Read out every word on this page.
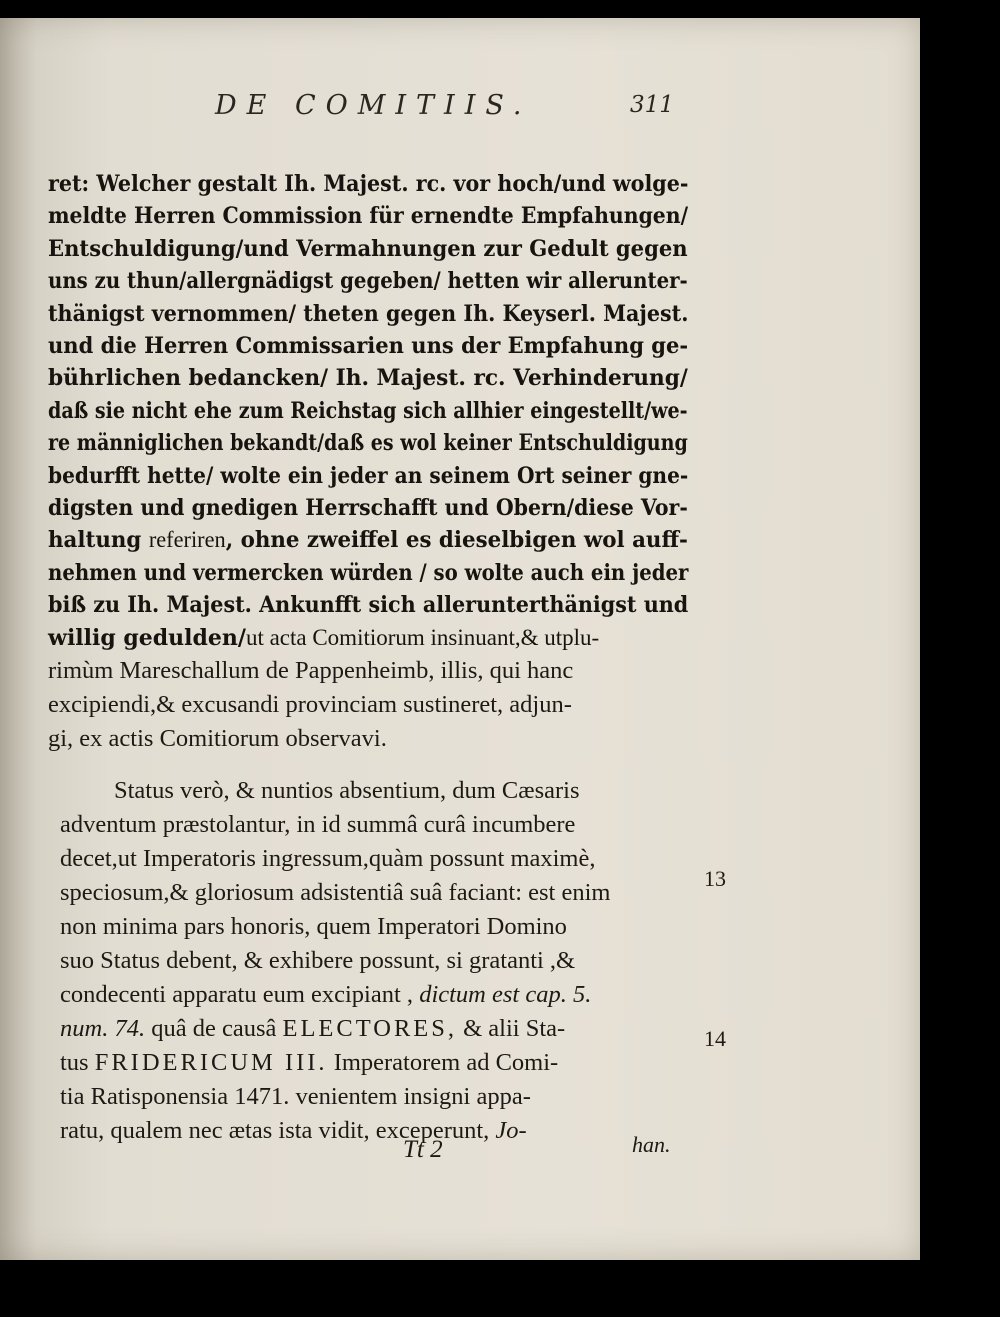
DE COMITIIS.	311
ret: Welcher gestalt Ih. Majest. rc. vor hoch/und wolge-
meldte Herren Commission für ernendte Empfahungen/
Entschuldigung/und Vermahnungen zur Gedult gegen
uns zu thun/allergnädigst gegeben/ hetten wir allerunter-
thänigst vernommen/ theten gegen Ih. Keyserl. Majest.
und die Herren Commissarien uns der Empfahung ge-
bührlichen bedancken/ Ih. Majest. rc. Verhinderung/
daß sie nicht ehe zum Reichstag sich allhier eingestellt/we-
re männiglichen bekandt/daß es wol keiner Entschuldigung
bedurfft hette/ wolte ein jeder an seinem Ort seiner gne-
digsten und gnedigen Herrschafft und Obern/diese Vor-
haltung referiren, ohne zweiffel es dieselbigen wol auff-
nehmen und vermercken würden / so wolte auch ein jeder
biß zu Ih. Majest. Ankunfft sich allerunterthänigst und
willig gedulden/ut acta Comitiorum insinuant,& utplu-
rimùm Mareschallum de Pappenheimb, illis, qui hanc
excipiendi,& excusandi provinciam sustineret, adjun-
gi, ex actis Comitiorum observavi.
Status verò, & nuntios absentium, dum Cæsaris
adventum præstolantur, in id summâ curâ incumbere
decet,ut Imperatoris ingressum,quàm possunt maximè,
speciosum,& gloriosum adsistentiâ suâ faciant: est enim
non minima pars honoris, quem Imperatori Domino
suo Status debent, & exhibere possunt, si gratanti ,&
condecenti apparatu eum excipiant , dictum est cap. 5.
num. 74. quâ de causâ ELECTORES, & alii Sta-
tus FRIDERICUM III. Imperatorem ad Comi-
tia Ratisponensia 1471. venientem insigni appa-
ratu, qualem nec ætas ista vidit, exceperunt, Jo-
13
14
Tt 2	han.
